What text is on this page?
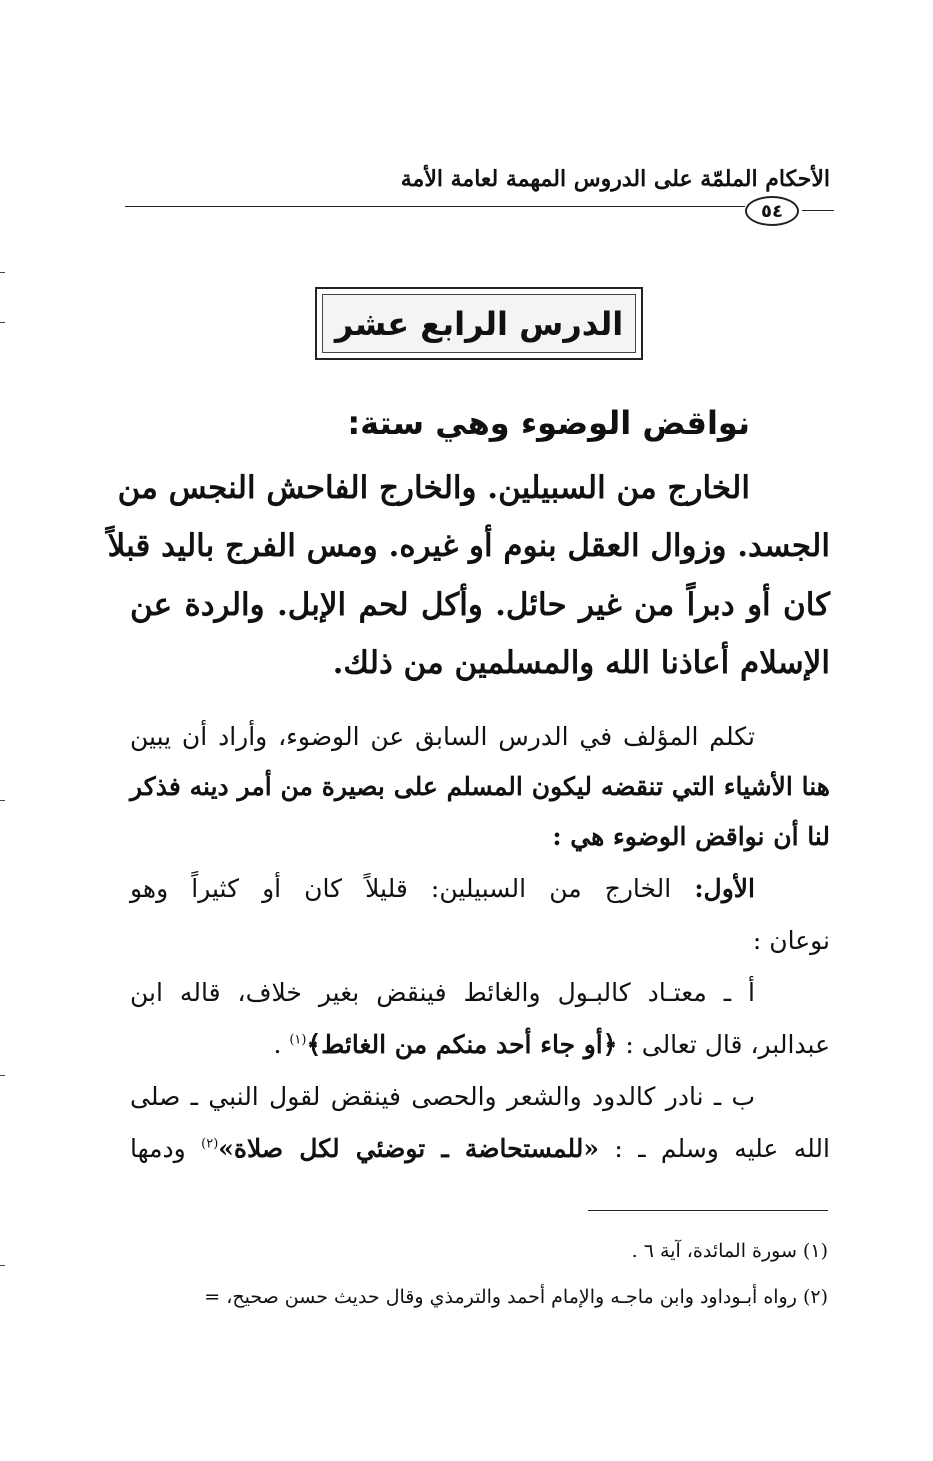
الأحكام الملمّة على الدروس المهمة لعامة الأمة
٥٤
الدرس الرابع عشر
نواقض الوضوء وهي ستة:
الخارج من السبيلين. والخارج الفاحش النجس من
الجسد. وزوال العقل بنوم أو غيره. ومس الفرج باليد قبلاً
كان أو دبراً من غير حائل. وأكل لحم الإبل. والردة عن
الإسلام أعاذنا الله والمسلمين من ذلك.
تكلم المؤلف في الدرس السابق عن الوضوء، وأراد أن يبين
هنا الأشياء التي تنقضه ليكون المسلم على بصيرة من أمر دينه فذكر
لنا أن نواقض الوضوء هي :
الأول: الخارج من السبيلين: قليلاً كان أو كثيراً وهو
نوعان :
أ ـ معتـاد كالبـول والغائط فينقض بغير خلاف، قاله ابن
عبدالبر، قال تعالى : ﴿أو جاء أحد منكم من الغائط﴾$^{(١)}$ .
ب ـ نادر كالدود والشعر والحصى فينقض لقول النبي ـ صلى
الله عليه وسلم ـ : «للمستحاضة ـ توضئي لكل صلاة»$^{(٢)}$ ودمها
(١) سورة المائدة، آية ٦ .
(٢) رواه أبـوداود وابن ماجـه والإمام أحمد والترمذي وقال حديث حسن صحيح، =
